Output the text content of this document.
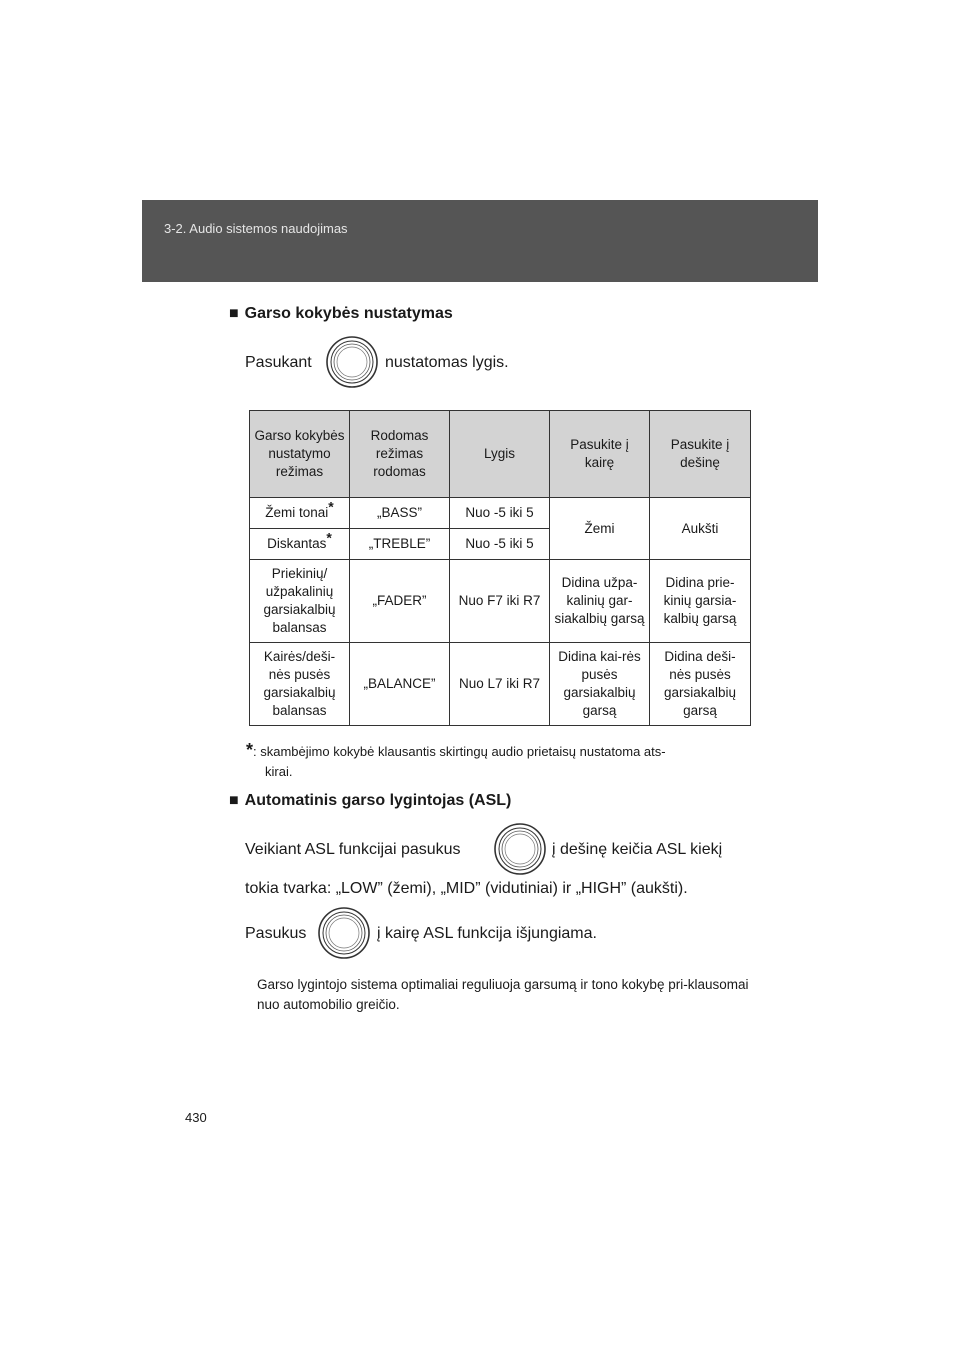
3-2. Audio sistemos naudojimas
■ Garso kokybės nustatymas
Pasukant	nustatomas lygis.
Garso kokybės nustatymo režimas	Rodomas režimas rodomas	Lygis	Pasukite į kairę	Pasukite į dešinę
Žemi tonai*	„BASS”	Nuo -5 iki 5	Žemi	Aukšti
Diskantas*	„TREBLE”	Nuo -5 iki 5		
Priekinių/ užpakalinių garsiakalbių balansas	„FADER”	Nuo F7 iki R7	Didina užpa-kalinių gar-siakalbių garsą	Didina prie-kinių garsia-kalbių garsą
Kairės/deši-nės pusės garsiakalbių balansas	„BALANCE”	Nuo L7 iki R7	Didina kai-rės pusės garsiakalbių garsą	Didina deši-nės pusės garsiakalbių garsą
*: skambėjimo kokybė klausantis skirtingų audio prietaisų nustatoma ats-
kirai.
■ Automatinis garso lygintojas (ASL)
Veikiant ASL funkcijai pasukus	į dešinę keičia ASL kiekį
tokia tvarka: „LOW” (žemi), „MID” (vidutiniai) ir „HIGH” (aukšti).
Pasukus	į kairę ASL funkcija išjungiama.
Garso lygintojo sistema optimaliai reguliuoja garsumą ir tono kokybę pri-klausomai nuo automobilio greičio.
430
